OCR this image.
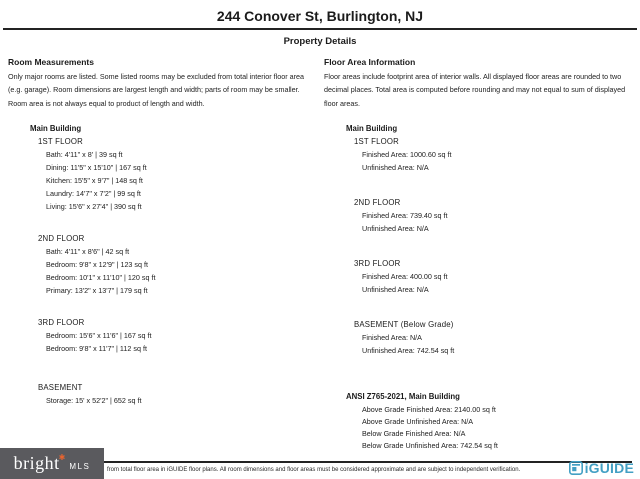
244 Conover St, Burlington, NJ
Property Details
Room Measurements
Only major rooms are listed. Some listed rooms may be excluded from total interior floor area (e.g. garage). Room dimensions are largest length and width; parts of room may be smaller. Room area is not always equal to product of length and width.
Main Building
1ST FLOOR
Bath: 4'11" x 8' | 39 sq ft
Dining: 11'5" x 15'10" | 167 sq ft
Kitchen: 15'5" x 9'7" | 148 sq ft
Laundry: 14'7" x 7'2" | 99 sq ft
Living: 15'6" x 27'4" | 390 sq ft
2ND FLOOR
Bath: 4'11" x 8'6" | 42 sq ft
Bedroom: 9'8" x 12'9" | 123 sq ft
Bedroom: 10'1" x 11'10" | 120 sq ft
Primary: 13'2" x 13'7" | 179 sq ft
3RD FLOOR
Bedroom: 15'6" x 11'6" | 167 sq ft
Bedroom: 9'8" x 11'7" | 112 sq ft
BASEMENT
Storage: 15' x 52'2" | 652 sq ft
Floor Area Information
Floor areas include footprint area of interior walls. All displayed floor areas are rounded to two decimal places. Total area is computed before rounding and may not equal to sum of displayed floor areas.
Main Building
1ST FLOOR
Finished Area: 1000.60 sq ft
Unfinished Area: N/A
2ND FLOOR
Finished Area: 739.40 sq ft
Unfinished Area: N/A
3RD FLOOR
Finished Area: 400.00 sq ft
Unfinished Area: N/A
BASEMENT (Below Grade)
Finished Area: N/A
Unfinished Area: 742.54 sq ft
ANSI Z765-2021, Main Building
Above Grade Finished Area: 2140.00 sq ft
Above Grade Unfinished Area: N/A
Below Grade Finished Area: N/A
Below Grade Unfinished Area: 742.54 sq ft
bright ✱
MLS	from total floor area in iGUIDE floor plans. All room dimensions and floor areas must be considered approximate and are subject to independent verification.	iGUIDE
